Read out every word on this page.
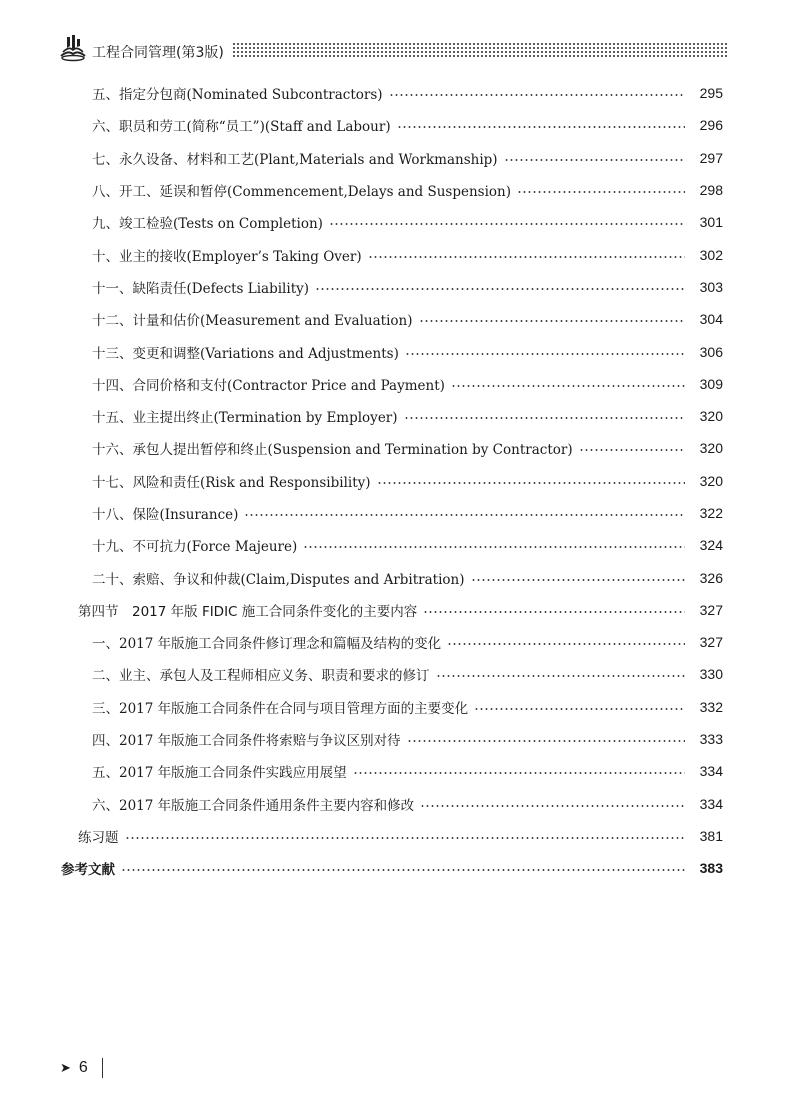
工程合同管理(第3版)
五、指定分包商(Nominated Subcontractors)	295
六、职员和劳工(简称“员工”)(Staff and Labour)	296
七、永久设备、材料和工艺(Plant,Materials and Workmanship)	297
八、开工、延误和暂停(Commencement,Delays and Suspension)	298
九、竣工检验(Tests on Completion)	301
十、业主的接收(Employer’s Taking Over)	302
十一、缺陷责任(Defects Liability)	303
十二、计量和估价(Measurement and Evaluation)	304
十三、变更和调整(Variations and Adjustments)	306
十四、合同价格和支付(Contractor Price and Payment)	309
十五、业主提出终止(Termination by Employer)	320
十六、承包人提出暂停和终止(Suspension and Termination by Contractor)	320
十七、风险和责任(Risk and Responsibility)	320
十八、保险(Insurance)	322
十九、不可抗力(Force Majeure)	324
二十、索赔、争议和仲裁(Claim,Disputes and Arbitration)	326
第四节　2017 年版 FIDIC 施工合同条件变化的主要内容	327
一、2017 年版施工合同条件修订理念和篇幅及结构的变化	327
二、业主、承包人及工程师相应义务、职责和要求的修订	330
三、2017 年版施工合同条件在合同与项目管理方面的主要变化	332
四、2017 年版施工合同条件将索赔与争议区别对待	333
五、2017 年版施工合同条件实践应用展望	334
六、2017 年版施工合同条件通用条件主要内容和修改	334
练习题	381
参考文献	383
➤ 6
